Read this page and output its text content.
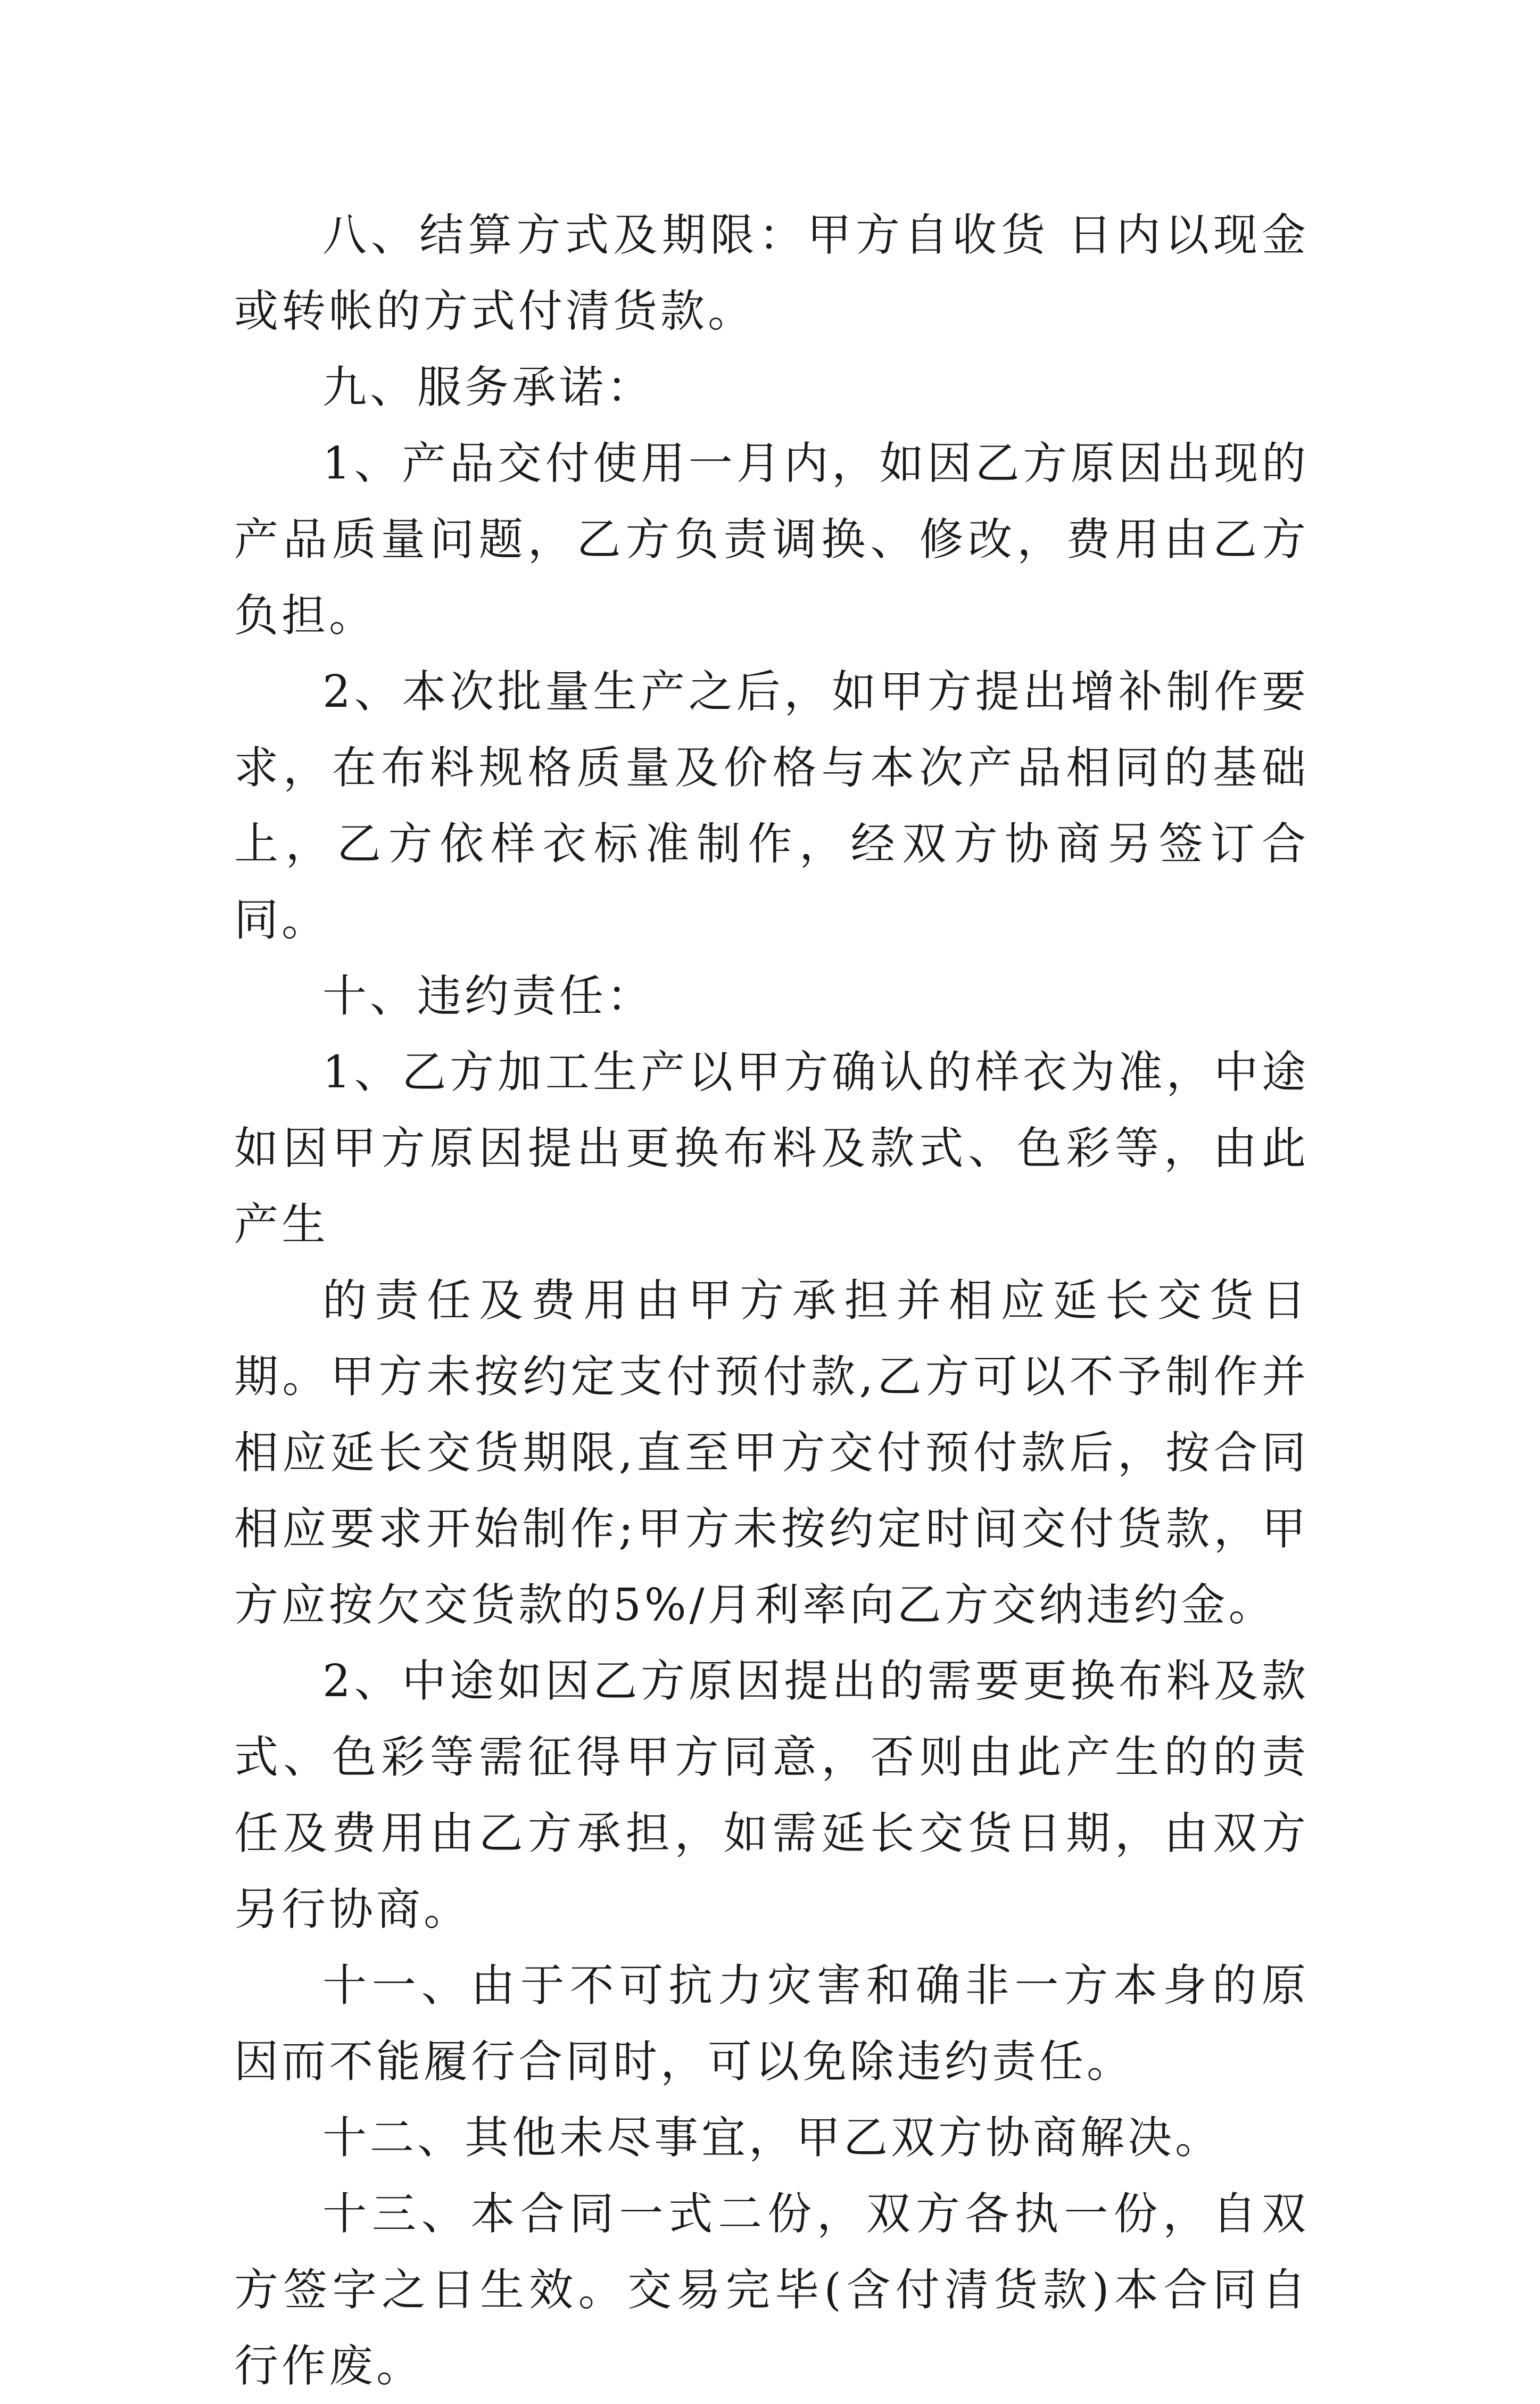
八、结算方式及期限：甲方自收货 日内以现金或转帐的方式付清货款。

九、服务承诺：

1、产品交付使用一月内，如因乙方原因出现的产品质量问题，乙方负责调换、修改，费用由乙方负担。

2、本次批量生产之后，如甲方提出增补制作要求，在布料规格质量及价格与本次产品相同的基础上，乙方依样衣标准制作，经双方协商另签订合同。

十、违约责任：

1、乙方加工生产以甲方确认的样衣为准，中途如因甲方原因提出更换布料及款式、色彩等，由此产生

的责任及费用由甲方承担并相应延长交货日期。甲方未按约定支付预付款,乙方可以不予制作并相应延长交货期限,直至甲方交付预付款后，按合同相应要求开始制作;甲方未按约定时间交付货款，甲方应按欠交货款的5%/月利率向乙方交纳违约金。

2、中途如因乙方原因提出的需要更换布料及款式、色彩等需征得甲方同意，否则由此产生的的责任及费用由乙方承担，如需延长交货日期，由双方另行协商。

十一、由于不可抗力灾害和确非一方本身的原因而不能履行合同时，可以免除违约责任。

十二、其他未尽事宜，甲乙双方协商解决。

十三、本合同一式二份，双方各执一份，自双方签字之日生效。交易完毕(含付清货款)本合同自行作废。
